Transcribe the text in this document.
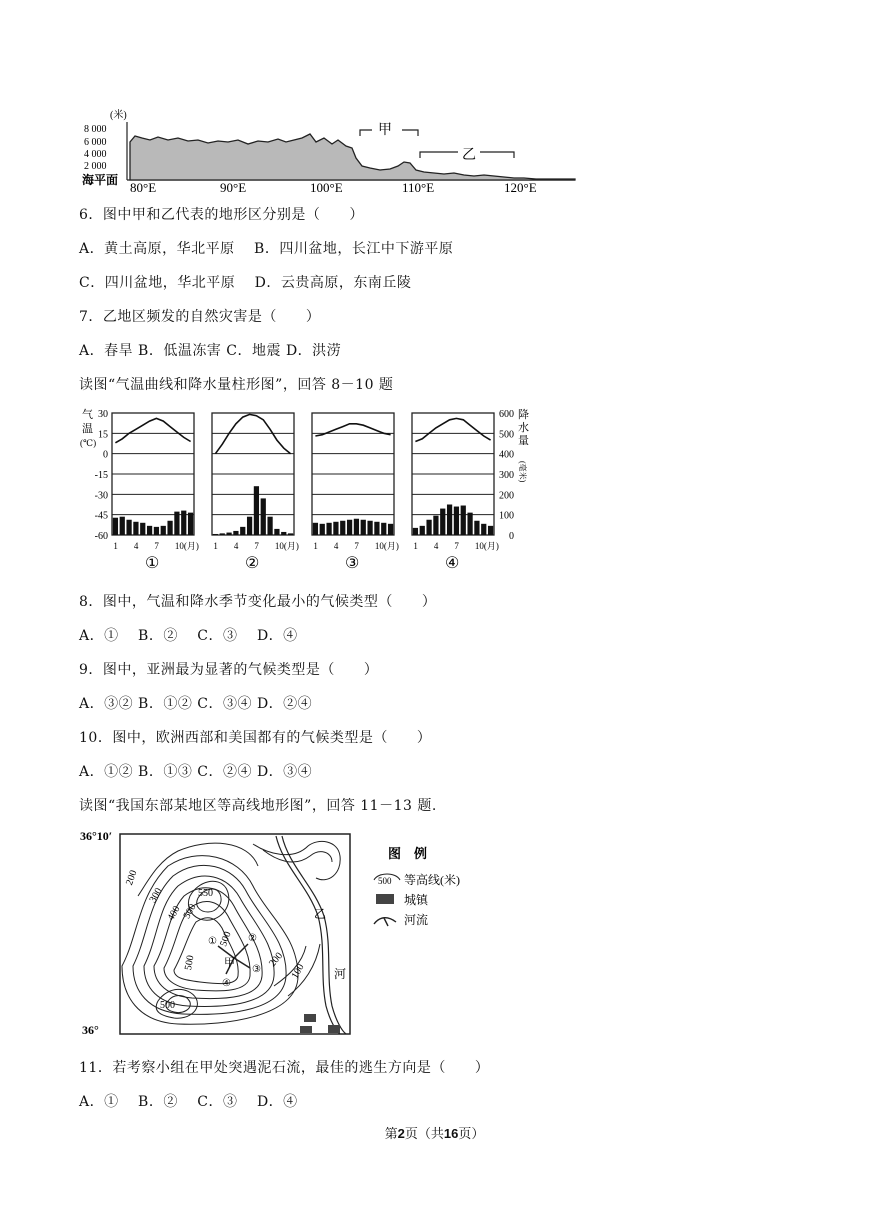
(米)
8 000
6 000
4 000
2 000
海平面
甲
乙
80°E	90°E	100°E	110°E	120°E
6．图中甲和乙代表的地形区分别是（　　）
A．黄土高原，华北平原　 B．四川盆地，长江中下游平原
C．四川盆地，华北平原　 D．云贵高原，东南丘陵
7．乙地区频发的自然灾害是（　　）
A．春旱 B．低温冻害 C．地震 D．洪涝
读图“气温曲线和降水量柱形图”，回答 8－10 题
气
温
(℃)
降
水
量
(毫米)
30
15
0
-15
-30
-45
-60
600
500
400
300
200
100
0
1 4 7 10(月)
①
1 4 7 10(月)
②
1 4 7 10(月)
③
1 4 7 10(月)
④
8．图中，气温和降水季节变化最小的气候类型（　　）
A．①　 B．②　 C．③　 D．④
9．图中，亚洲最为显著的气候类型是（　　）
A．③② B．①② C．③④ D．②④
10．图中，欧洲西部和美国都有的气候类型是（　　）
A．①② B．①③ C．②④ D．③④
读图“我国东部某地区等高线地形图”，回答 11－13 题.
36°10′
36°
200
300
400
500
550
500
500
200
100
500
①	②
③
④
甲
乙
河
图　例
500 等高线(米)
城镇
河流
11．若考察小组在甲处突遇泥石流，最佳的逃生方向是（　　）
A．①　 B．②　 C．③　 D．④
第2页（共16页）
